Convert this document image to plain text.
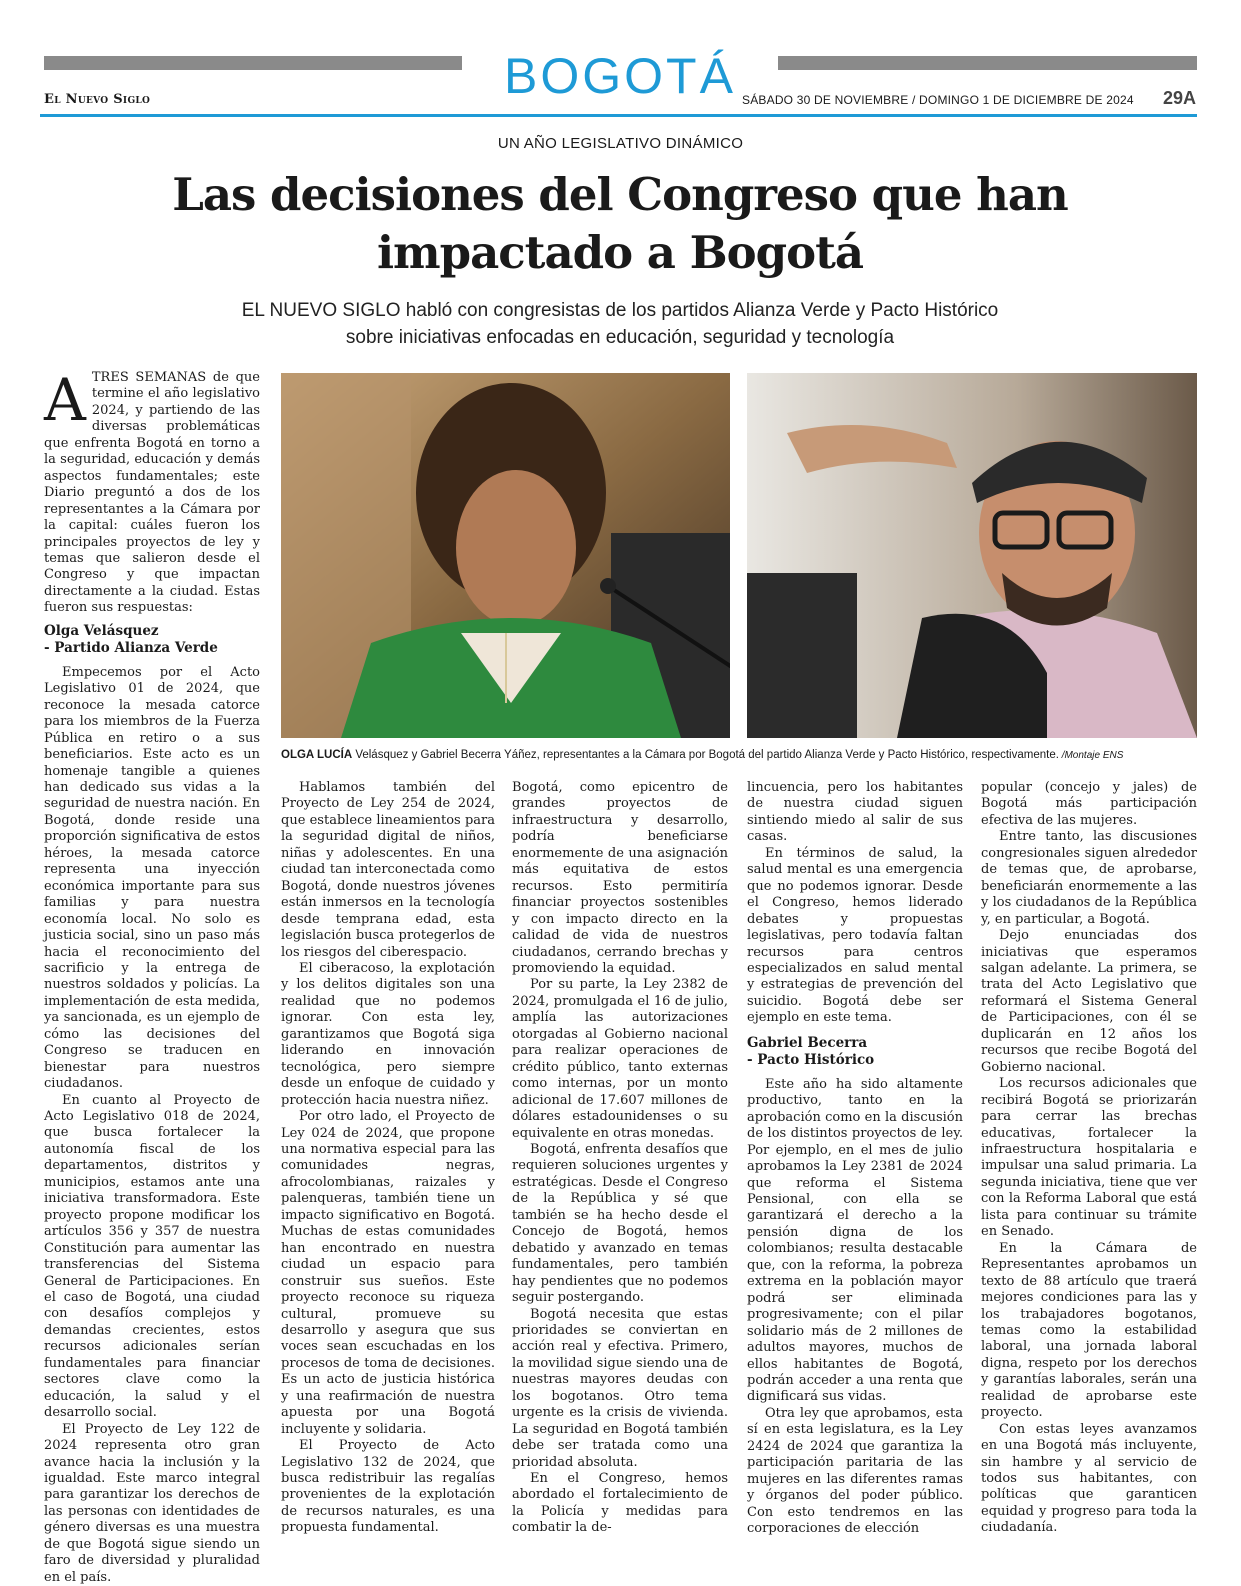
BOGOTÁ
El Nuevo Siglo	SÁBADO 30 DE NOVIEMBRE / DOMINGO 1 DE DICIEMBRE DE 2024 29A
UN AÑO LEGISLATIVO DINÁMICO
Las decisiones del Congreso que han impactado a Bogotá
EL NUEVO SIGLO habló con congresistas de los partidos Alianza Verde y Pacto Histórico
sobre iniciativas enfocadas en educación, seguridad y tecnología
OLGA LUCÍA Velásquez y Gabriel Becerra Yáñez, representantes a la Cámara por Bogotá del partido Alianza Verde y Pacto Histórico, respectivamente. /Montaje ENS

ATRES SEMANAS de que termine el año legislativo 2024, y partiendo de las diversas problemáticas que enfrenta Bogotá en torno a la seguridad, educación y demás aspectos fundamentales; este Diario preguntó a dos de los representantes a la Cámara por la capital: cuáles fueron los principales proyectos de ley y temas que salieron desde el Congreso y que impactan directamente a la ciudad. Estas fueron sus respuestas:

Olga Velásquez
- Partido Alianza Verde

Empecemos por el Acto Legislativo 01 de 2024, que reconoce la mesada catorce para los miembros de la Fuerza Pública en retiro o a sus beneficiarios. Este acto es un homenaje tangible a quienes han dedicado sus vidas a la seguridad de nuestra nación. En Bogotá, donde reside una proporción significativa de estos héroes, la mesada catorce representa una inyección económica importante para sus familias y para nuestra economía local. No solo es justicia social, sino un paso más hacia el reconocimiento del sacrificio y la entrega de nuestros soldados y policías. La implementación de esta medida, ya sancionada, es un ejemplo de cómo las decisiones del Congreso se traducen en bienestar para nuestros ciudadanos.

En cuanto al Proyecto de Acto Legislativo 018 de 2024, que busca fortalecer la autonomía fiscal de los departamentos, distritos y municipios, estamos ante una iniciativa transformadora. Este proyecto propone modificar los artículos 356 y 357 de nuestra Constitución para aumentar las transferencias del Sistema General de Participaciones. En el caso de Bogotá, una ciudad con desafíos complejos y demandas crecientes, estos recursos adicionales serían fundamentales para financiar sectores clave como la educación, la salud y el desarrollo social.

El Proyecto de Ley 122 de 2024 representa otro gran avance hacia la inclusión y la igualdad. Este marco integral para garantizar los derechos de las personas con identidades de género diversas es una muestra de que Bogotá sigue siendo un faro de diversidad y pluralidad en el país.

Hablamos también del Proyecto de Ley 254 de 2024, que establece lineamientos para la seguridad digital de niños, niñas y adolescentes. En una ciudad tan interconectada como Bogotá, donde nuestros jóvenes están inmersos en la tecnología desde temprana edad, esta legislación busca protegerlos de los riesgos del ciberespacio.

El ciberacoso, la explotación y los delitos digitales son una realidad que no podemos ignorar. Con esta ley, garantizamos que Bogotá siga liderando en innovación tecnológica, pero siempre desde un enfoque de cuidado y protección hacia nuestra niñez.

Por otro lado, el Proyecto de Ley 024 de 2024, que propone una normativa especial para las comunidades negras, afrocolombianas, raizales y palenqueras, también tiene un impacto significativo en Bogotá. Muchas de estas comunidades han encontrado en nuestra ciudad un espacio para construir sus sueños. Este proyecto reconoce su riqueza cultural, promueve su desarrollo y asegura que sus voces sean escuchadas en los procesos de toma de decisiones. Es un acto de justicia histórica y una reafirmación de nuestra apuesta por una Bogotá incluyente y solidaria.

El Proyecto de Acto Legislativo 132 de 2024, que busca redistribuir las regalías provenientes de la explotación de recursos naturales, es una propuesta fundamental.

Bogotá, como epicentro de grandes proyectos de infraestructura y desarrollo, podría beneficiarse enormemente de una asignación más equitativa de estos recursos. Esto permitiría financiar proyectos sostenibles y con impacto directo en la calidad de vida de nuestros ciudadanos, cerrando brechas y promoviendo la equidad.

Por su parte, la Ley 2382 de 2024, promulgada el 16 de julio, amplía las autorizaciones otorgadas al Gobierno nacional para realizar operaciones de crédito público, tanto externas como internas, por un monto adicional de 17.607 millones de dólares estadounidenses o su equivalente en otras monedas.

Bogotá, enfrenta desafíos que requieren soluciones urgentes y estratégicas. Desde el Congreso de la República y sé que también se ha hecho desde el Concejo de Bogotá, hemos debatido y avanzado en temas fundamentales, pero también hay pendientes que no podemos seguir postergando.

Bogotá necesita que estas prioridades se conviertan en acción real y efectiva. Primero, la movilidad sigue siendo una de nuestras mayores deudas con los bogotanos. Otro tema urgente es la crisis de vivienda. La seguridad en Bogotá también debe ser tratada como una prioridad absoluta.

En el Congreso, hemos abordado el fortalecimiento de la Policía y medidas para combatir la de-

lincuencia, pero los habitantes de nuestra ciudad siguen sintiendo miedo al salir de sus casas.

En términos de salud, la salud mental es una emergencia que no podemos ignorar. Desde el Congreso, hemos liderado debates y propuestas legislativas, pero todavía faltan recursos para centros especializados en salud mental y estrategias de prevención del suicidio. Bogotá debe ser ejemplo en este tema.

Gabriel Becerra
- Pacto Histórico

Este año ha sido altamente productivo, tanto en la aprobación como en la discusión de los distintos proyectos de ley. Por ejemplo, en el mes de julio aprobamos la Ley 2381 de 2024 que reforma el Sistema Pensional, con ella se garantizará el derecho a la pensión digna de los colombianos; resulta destacable que, con la reforma, la pobreza extrema en la población mayor podrá ser eliminada progresivamente; con el pilar solidario más de 2 millones de adultos mayores, muchos de ellos habitantes de Bogotá, podrán acceder a una renta que dignificará sus vidas.

Otra ley que aprobamos, esta sí en esta legislatura, es la Ley 2424 de 2024 que garantiza la participación paritaria de las mujeres en las diferentes ramas y órganos del poder público. Con esto tendremos en las corporaciones de elección

popular (concejo y jales) de Bogotá más participación efectiva de las mujeres.

Entre tanto, las discusiones congresionales siguen alrededor de temas que, de aprobarse, beneficiarán enormemente a las y los ciudadanos de la República y, en particular, a Bogotá.

Dejo enunciadas dos iniciativas que esperamos salgan adelante. La primera, se trata del Acto Legislativo que reformará el Sistema General de Participaciones, con él se duplicarán en 12 años los recursos que recibe Bogotá del Gobierno nacional.

Los recursos adicionales que recibirá Bogotá se priorizarán para cerrar las brechas educativas, fortalecer la infraestructura hospitalaria e impulsar una salud primaria. La segunda iniciativa, tiene que ver con la Reforma Laboral que está lista para continuar su trámite en Senado.

En la Cámara de Representantes aprobamos un texto de 88 artículo que traerá mejores condiciones para las y los trabajadores bogotanos, temas como la estabilidad laboral, una jornada laboral digna, respeto por los derechos y garantías laborales, serán una realidad de aprobarse este proyecto.

Con estas leyes avanzamos en una Bogotá más incluyente, sin hambre y al servicio de todos sus habitantes, con políticas que garanticen equidad y progreso para toda la ciudadanía.
